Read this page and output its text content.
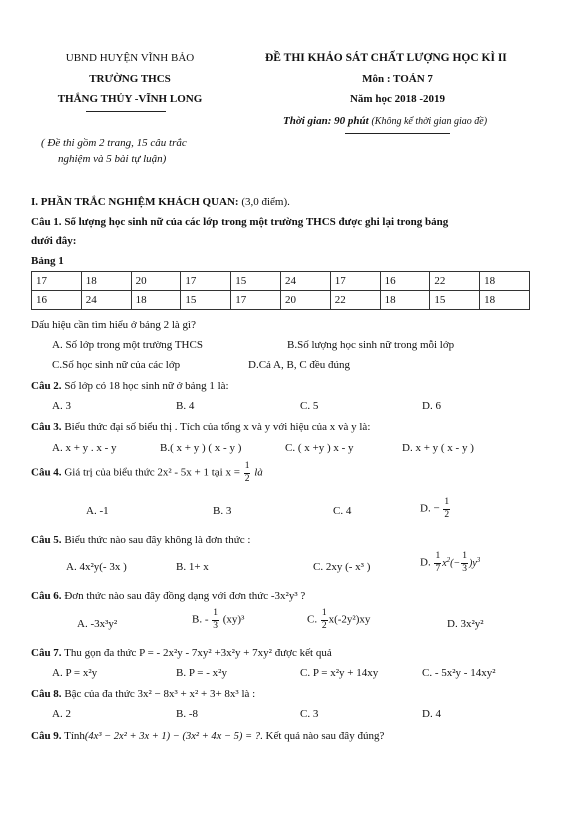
UBND HUYỆN VĨNH BẢO
TRƯỜNG THCS
THẮNG THỦY -VĨNH LONG
ĐỀ THI KHẢO SÁT CHẤT LƯỢNG HỌC KÌ II
Môn : TOÁN 7
Năm học 2018 -2019
Thời gian: 90 phút (Không kể thời gian giao đề)
( Đề thi gồm 2 trang, 15 câu trắc
nghiệm và 5 bài tự luận)
I. PHẦN TRẮC NGHIỆM KHÁCH QUAN: (3,0 điểm).
Câu 1. Số lượng học sinh nữ của các lớp trong một trường THCS được ghi lại trong bảng
dưới đây:
Bảng 1
17	18	20	17	15	24	17	16	22	18
16	24	18	15	17	20	22	18	15	18
Dấu hiệu cần tìm hiểu ở bảng 2 là gì?
A. Số lớp trong một trường THCS	B.Số lượng học sinh nữ trong mỗi lớp
C.Số học sinh nữ của các lớp	D.Cả A, B, C đều đúng
Câu 2. Số lớp có 18 học sinh nữ ở bảng 1 là:
A. 3	B. 4	C. 5	D. 6
Câu 3. Biểu thức đại số biểu thị . Tích của tổng x và y với hiệu của x và y là:
A. x + y . x - y	B.( x + y ) ( x - y )	C. ( x +y ) x - y	D. x + y ( x - y )
Câu 4. Giá trị của biểu thức 2x² - 5x + 1 tại $x = \frac{1}{2}$ là
A. -1	B. 3	C. 4	D. − $\frac{1}{2}$
Câu 5. Biểu thức nào sau đây không là đơn thức :
A. 4x²y(- 3x )	B. 1+ x	C. 2xy (- x³ )	D. $\frac{1}{7} x^2(- \frac{1}{3} )y^3$
Câu 6. Đơn thức nào sau đây đồng dạng với đơn thức -3x²y³ ?
A. -3x³y²	B. - $\frac{1}{3} (xy)^3$	C. $\frac{1}{2} x(-2y^2)xy$	D. 3x²y²
Câu 7. Thu gọn đa thức P = - 2x²y - 7xy² +3x²y + 7xy² được kết quả
A. P = x²y	B. P = - x²y	C. P = x²y + 14xy	C. - 5x²y - 14xy²
Câu 8. Bậc của đa thức 3x² − 8x³ + x² + 3+ 8x³ là :
A. 2	B. -8	C. 3	D. 4
Câu 9. Tính(4x³ − 2x² + 3x + 1) − (3x² + 4x − 5) = ?. Kết quả nào sau đây đúng?
